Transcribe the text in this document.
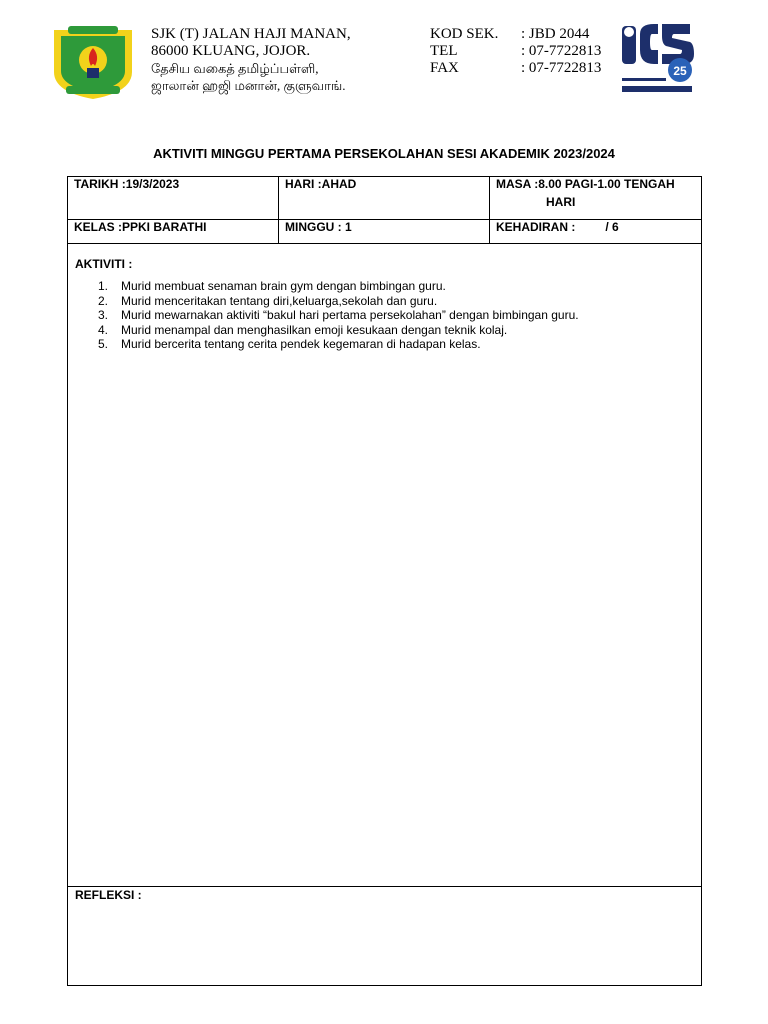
SJK (T) JALAN HAJI MANAN,
86000 KLUANG, JOJOR.
தேசிய வகைத் தமிழ்ப்பள்ளி,
ஜாலான் ஹஜி மனான், குளுவாங்.
KOD SEK.	: JBD 2044
TEL	: 07-7722813
FAX	: 07-7722813	25
AKTIVITI MINGGU PERTAMA PERSEKOLAHAN SESI AKADEMIK 2023/2024
TARIKH :19/3/2023	HARI :AHAD	MASA :8.00 PAGI-1.00 TENGAH
HARI

KELAS :PPKI BARATHI	MINGGU : 1	KEHADIRAN :         / 6
AKTIVITI :
1.	Murid membuat senaman brain gym dengan bimbingan guru.
2.	Murid menceritakan tentang diri,keluarga,sekolah dan guru.
3.	Murid mewarnakan aktiviti “bakul hari pertama persekolahan” dengan bimbingan guru.
4.	Murid menampal dan menghasilkan emoji kesukaan dengan teknik kolaj.
5.	Murid bercerita tentang cerita pendek kegemaran di hadapan kelas.
REFLEKSI :
